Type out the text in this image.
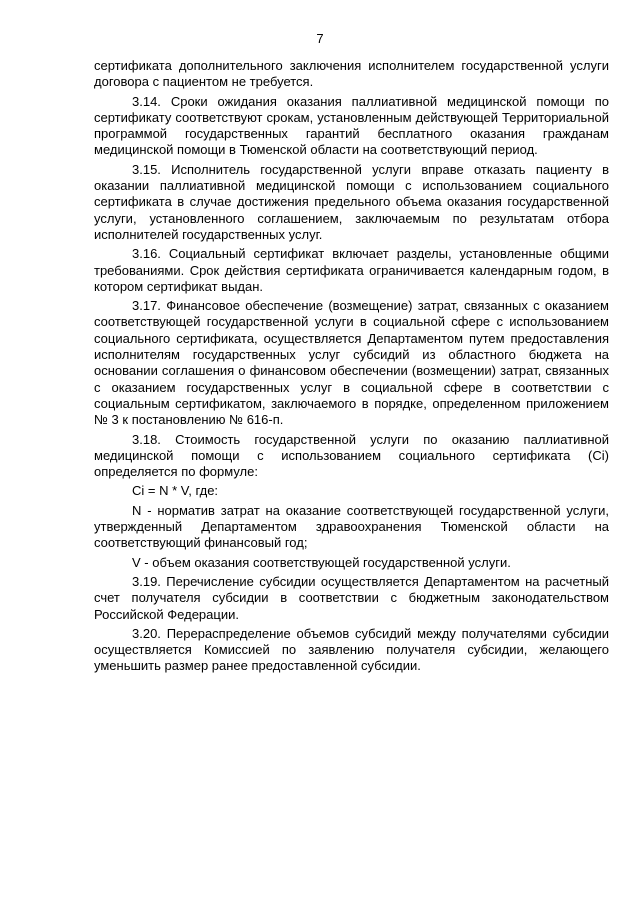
7

сертификата дополнительного заключения исполнителем государственной услуги договора с пациентом не требуется.

3.14. Сроки ожидания оказания паллиативной медицинской помощи по сертификату соответствуют срокам, установленным действующей Территориальной программой государственных гарантий бесплатного оказания гражданам медицинской помощи в Тюменской области на соответствующий период.

3.15. Исполнитель государственной услуги вправе отказать пациенту в оказании паллиативной медицинской помощи с использованием социального сертификата в случае достижения предельного объема оказания государственной услуги, установленного соглашением, заключаемым по результатам отбора исполнителей государственных услуг.

3.16. Социальный сертификат включает разделы, установленные общими требованиями. Срок действия сертификата ограничивается календарным годом, в котором сертификат выдан.

3.17. Финансовое обеспечение (возмещение) затрат, связанных с оказанием соответствующей государственной услуги в социальной сфере с использованием социального сертификата, осуществляется Департаментом путем предоставления исполнителям государственных услуг субсидий из областного бюджета на основании соглашения о финансовом обеспечении (возмещении) затрат, связанных с оказанием государственных услуг в социальной сфере в соответствии с социальным сертификатом, заключаемого в порядке, определенном приложением № 3 к постановлению № 616-п.

3.18. Стоимость государственной услуги по оказанию паллиативной медицинской помощи с использованием социального сертификата (Ci) определяется по формуле:

Ci = N * V, где:

N - норматив затрат на оказание соответствующей государственной услуги, утвержденный Департаментом здравоохранения Тюменской области на соответствующий финансовый год;

V - объем оказания соответствующей государственной услуги.

3.19. Перечисление субсидии осуществляется Департаментом на расчетный счет получателя субсидии в соответствии с бюджетным законодательством Российской Федерации.

3.20. Перераспределение объемов субсидий между получателями субсидии осуществляется Комиссией по заявлению получателя субсидии, желающего уменьшить размер ранее предоставленной субсидии.
